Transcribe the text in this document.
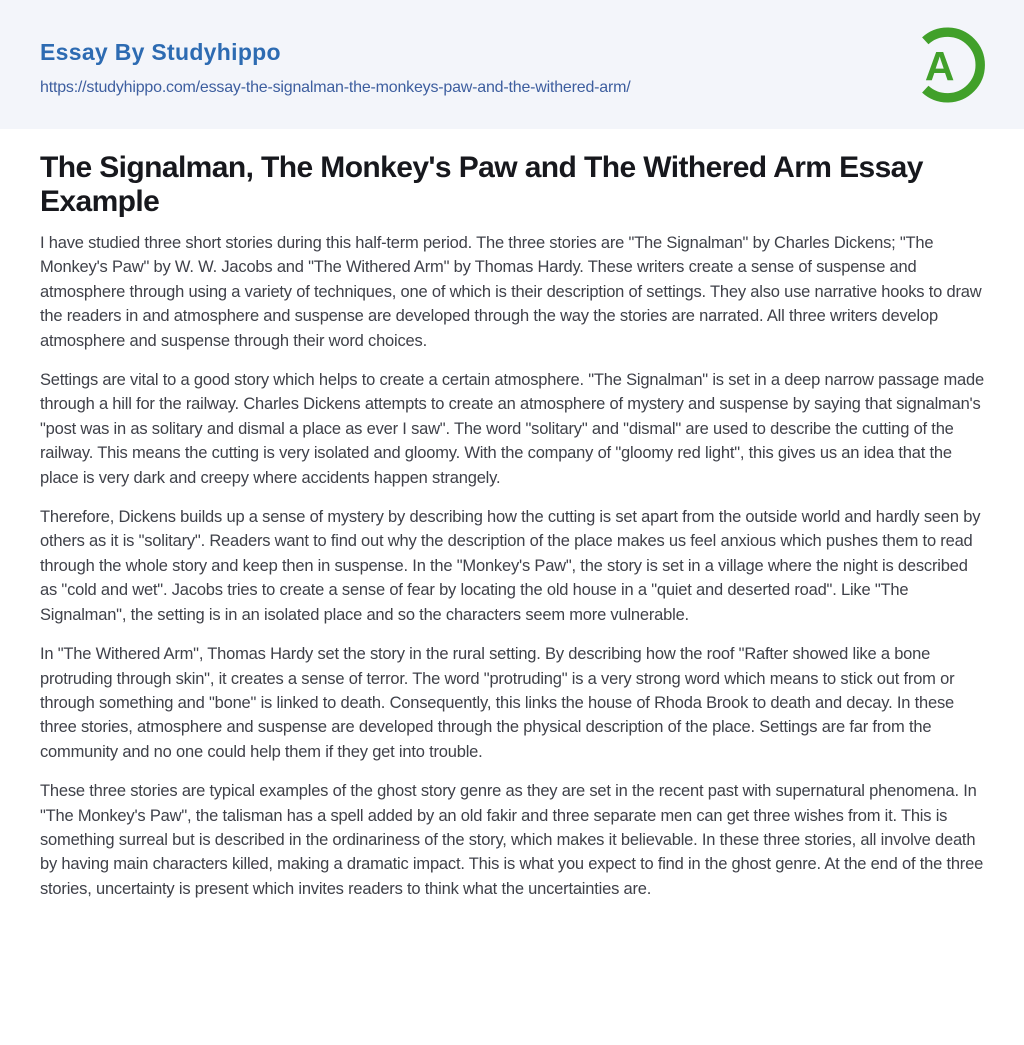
Essay By Studyhippo
https://studyhippo.com/essay-the-signalman-the-monkeys-paw-and-the-withered-arm/	A
The Signalman, The Monkey's Paw and The Withered Arm Essay Example

I have studied three short stories during this half-term period. The three stories are "The Signalman" by Charles Dickens; "The Monkey's Paw" by W. W. Jacobs and "The Withered Arm" by Thomas Hardy. These writers create a sense of suspense and atmosphere through using a variety of techniques, one of which is their description of settings. They also use narrative hooks to draw the readers in and atmosphere and suspense are developed through the way the stories are narrated. All three writers develop atmosphere and suspense through their word choices.

Settings are vital to a good story which helps to create a certain atmosphere. "The Signalman" is set in a deep narrow passage made through a hill for the railway. Charles Dickens attempts to create an atmosphere of mystery and suspense by saying that signalman's "post was in as solitary and dismal a place as ever I saw". The word "solitary" and "dismal" are used to describe the cutting of the railway. This means the cutting is very isolated and gloomy. With the company of "gloomy red light", this gives us an idea that the place is very dark and creepy where accidents happen strangely.

Therefore, Dickens builds up a sense of mystery by describing how the cutting is set apart from the outside world and hardly seen by others as it is "solitary". Readers want to find out why the description of the place makes us feel anxious which pushes them to read through the whole story and keep then in suspense. In the "Monkey's Paw", the story is set in a village where the night is described as "cold and wet". Jacobs tries to create a sense of fear by locating the old house in a "quiet and deserted road". Like "The Signalman", the setting is in an isolated place and so the characters seem more vulnerable.

In "The Withered Arm", Thomas Hardy set the story in the rural setting. By describing how the roof "Rafter showed like a bone protruding through skin", it creates a sense of terror. The word "protruding" is a very strong word which means to stick out from or through something and "bone" is linked to death. Consequently, this links the house of Rhoda Brook to death and decay. In these three stories, atmosphere and suspense are developed through the physical description of the place. Settings are far from the community and no one could help them if they get into trouble.

These three stories are typical examples of the ghost story genre as they are set in the recent past with supernatural phenomena. In "The Monkey's Paw", the talisman has a spell added by an old fakir and three separate men can get three wishes from it. This is something surreal but is described in the ordinariness of the story, which makes it believable. In these three stories, all involve death by having main characters killed, making a dramatic impact. This is what you expect to find in the ghost genre. At the end of the three stories, uncertainty is present which invites readers to think what the uncertainties are.
